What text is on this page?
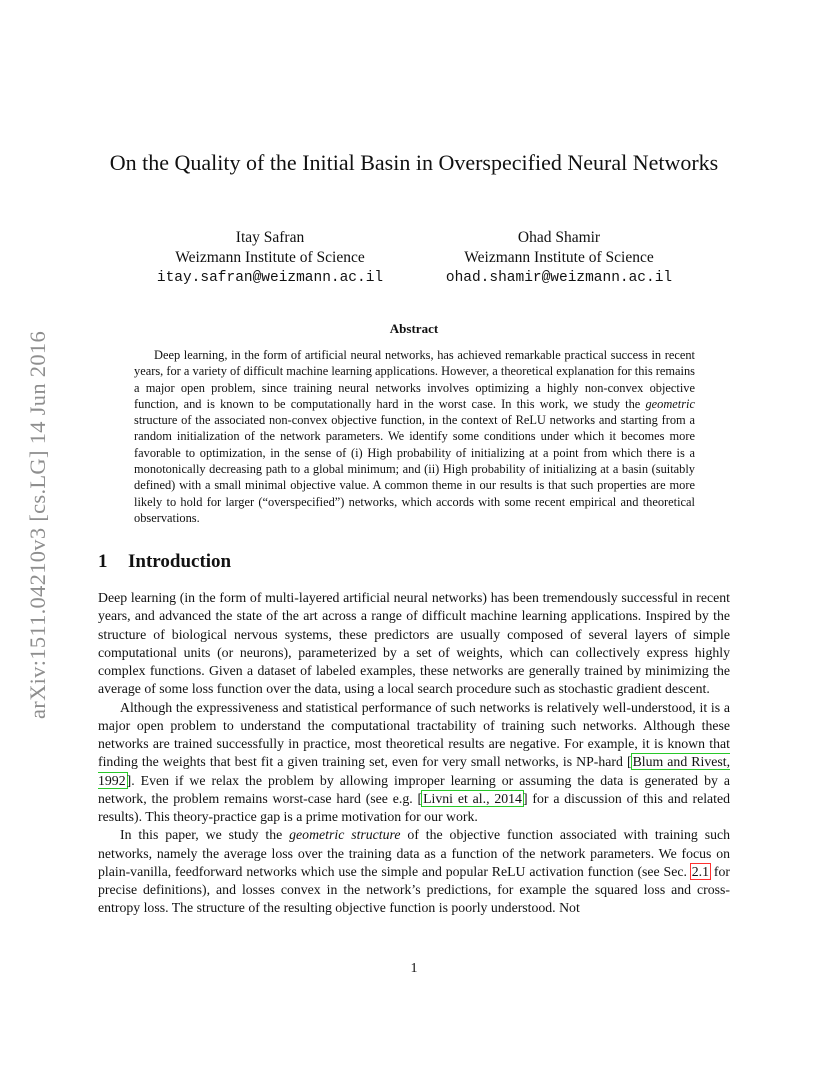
arXiv:1511.04210v3 [cs.LG] 14 Jun 2016
On the Quality of the Initial Basin in Overspecified Neural Networks
Itay Safran
Weizmann Institute of Science
itay.safran@weizmann.ac.il
Ohad Shamir
Weizmann Institute of Science
ohad.shamir@weizmann.ac.il
Abstract

Deep learning, in the form of artificial neural networks, has achieved remarkable practical success in recent years, for a variety of difficult machine learning applications. However, a theoretical explanation for this remains a major open problem, since training neural networks involves optimizing a highly non-convex objective function, and is known to be computationally hard in the worst case. In this work, we study the geometric structure of the associated non-convex objective function, in the context of ReLU networks and starting from a random initialization of the network parameters. We identify some conditions under which it becomes more favorable to optimization, in the sense of (i) High probability of initializing at a point from which there is a monotonically decreasing path to a global minimum; and (ii) High probability of initializing at a basin (suitably defined) with a small minimal objective value. A common theme in our results is that such properties are more likely to hold for larger (“overspecified”) networks, which accords with some recent empirical and theoretical observations.

1 Introduction

Deep learning (in the form of multi-layered artificial neural networks) has been tremendously successful in recent years, and advanced the state of the art across a range of difficult machine learning applications. Inspired by the structure of biological nervous systems, these predictors are usually composed of several layers of simple computational units (or neurons), parameterized by a set of weights, which can collectively express highly complex functions. Given a dataset of labeled examples, these networks are generally trained by minimizing the average of some loss function over the data, using a local search procedure such as stochastic gradient descent.

Although the expressiveness and statistical performance of such networks is relatively well-understood, it is a major open problem to understand the computational tractability of training such networks. Although these networks are trained successfully in practice, most theoretical results are negative. For example, it is known that finding the weights that best fit a given training set, even for very small networks, is NP-hard [Blum and Rivest, 1992]. Even if we relax the problem by allowing improper learning or assuming the data is generated by a network, the problem remains worst-case hard (see e.g. [Livni et al., 2014] for a discussion of this and related results). This theory-practice gap is a prime motivation for our work.

In this paper, we study the geometric structure of the objective function associated with training such networks, namely the average loss over the training data as a function of the network parameters. We focus on plain-vanilla, feedforward networks which use the simple and popular ReLU activation function (see Sec. 2.1 for precise definitions), and losses convex in the network’s predictions, for example the squared loss and cross-entropy loss. The structure of the resulting objective function is poorly understood. Not

1
